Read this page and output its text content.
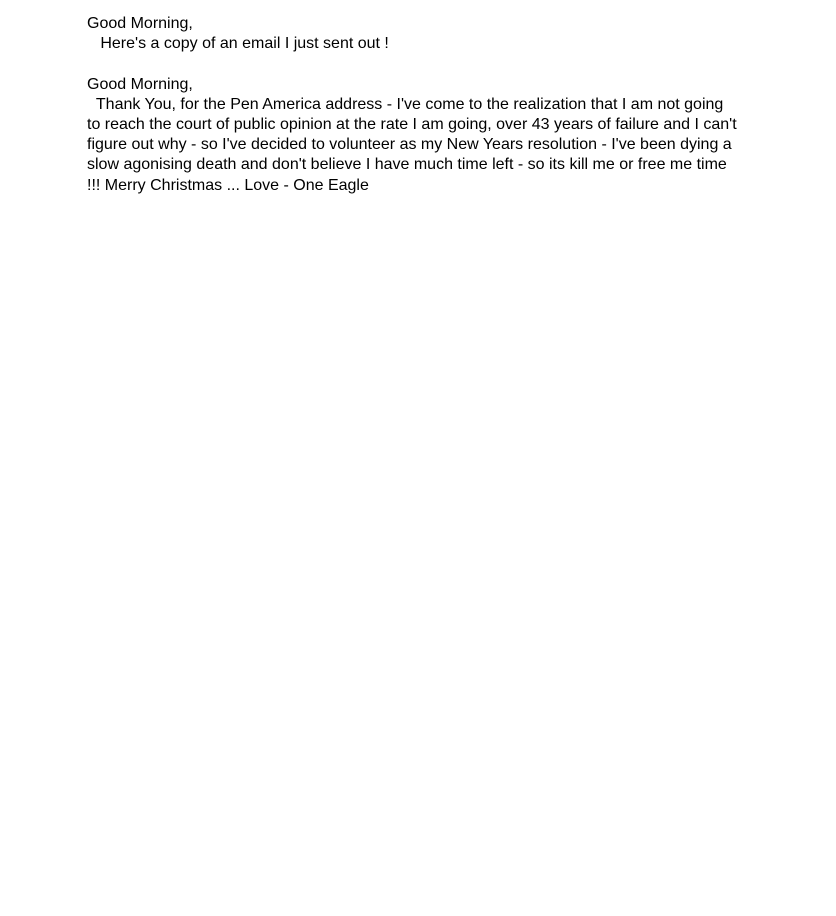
Good Morning,
Here's a copy of an email I just sent out !
Good Morning,
Thank You, for the Pen America address - I've come to the realization that I am not going to reach the court of public opinion at the rate I am going, over 43 years of failure and I can't figure out why - so I've decided to volunteer as my New Years resolution - I've been dying a slow agonising death and don't believe I have much time left - so its kill me or free me time !!! Merry Christmas ... Love - One Eagle
